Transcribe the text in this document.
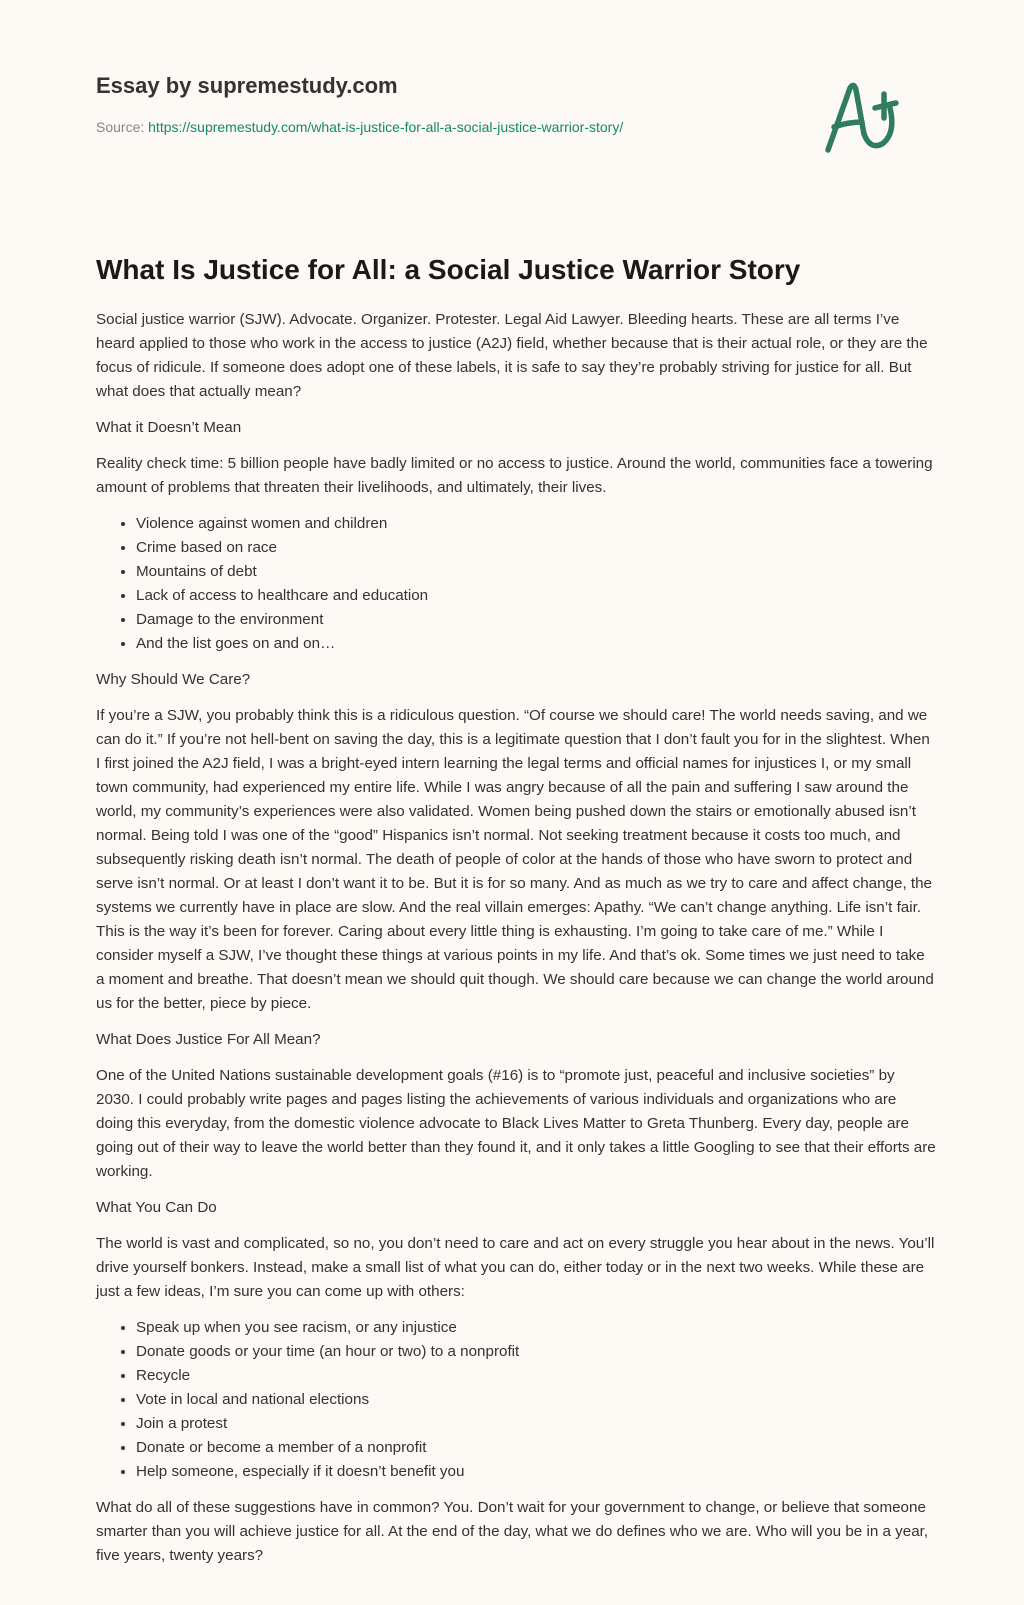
Essay by supremestudy.com
Source: https://supremestudy.com/what-is-justice-for-all-a-social-justice-warrior-story/
What Is Justice for All: a Social Justice Warrior Story

Social justice warrior (SJW). Advocate. Organizer. Protester. Legal Aid Lawyer. Bleeding hearts. These are all terms I’ve heard applied to those who work in the access to justice (A2J) field, whether because that is their actual role, or they are the focus of ridicule. If someone does adopt one of these labels, it is safe to say they’re probably striving for justice for all. But what does that actually mean?

What it Doesn’t Mean

Reality check time: 5 billion people have badly limited or no access to justice. Around the world, communities face a towering amount of problems that threaten their livelihoods, and ultimately, their lives.

• Violence against women and children
• Crime based on race
• Mountains of debt
• Lack of access to healthcare and education
• Damage to the environment
• And the list goes on and on…

Why Should We Care?

If you’re a SJW, you probably think this is a ridiculous question. “Of course we should care! The world needs saving, and we can do it.” If you’re not hell-bent on saving the day, this is a legitimate question that I don’t fault you for in the slightest. When I first joined the A2J field, I was a bright-eyed intern learning the legal terms and official names for injustices I, or my small town community, had experienced my entire life. While I was angry because of all the pain and suffering I saw around the world, my community’s experiences were also validated. Women being pushed down the stairs or emotionally abused isn’t normal. Being told I was one of the “good” Hispanics isn’t normal. Not seeking treatment because it costs too much, and subsequently risking death isn’t normal. The death of people of color at the hands of those who have sworn to protect and serve isn’t normal. Or at least I don’t want it to be. But it is for so many. And as much as we try to care and affect change, the systems we currently have in place are slow. And the real villain emerges: Apathy. “We can’t change anything. Life isn’t fair. This is the way it’s been for forever. Caring about every little thing is exhausting. I’m going to take care of me.” While I consider myself a SJW, I’ve thought these things at various points in my life. And that’s ok. Some times we just need to take a moment and breathe. That doesn’t mean we should quit though. We should care because we can change the world around us for the better, piece by piece.

What Does Justice For All Mean?

One of the United Nations sustainable development goals (#16) is to “promote just, peaceful and inclusive societies” by 2030. I could probably write pages and pages listing the achievements of various individuals and organizations who are doing this everyday, from the domestic violence advocate to Black Lives Matter to Greta Thunberg. Every day, people are going out of their way to leave the world better than they found it, and it only takes a little Googling to see that their efforts are working.

What You Can Do

The world is vast and complicated, so no, you don’t need to care and act on every struggle you hear about in the news. You’ll drive yourself bonkers. Instead, make a small list of what you can do, either today or in the next two weeks. While these are just a few ideas, I’m sure you can come up with others:

• Speak up when you see racism, or any injustice
• Donate goods or your time (an hour or two) to a nonprofit
• Recycle
• Vote in local and national elections
• Join a protest
• Donate or become a member of a nonprofit
• Help someone, especially if it doesn’t benefit you

What do all of these suggestions have in common? You. Don’t wait for your government to change, or believe that someone smarter than you will achieve justice for all. At the end of the day, what we do defines who we are. Who will you be in a year, five years, twenty years?
